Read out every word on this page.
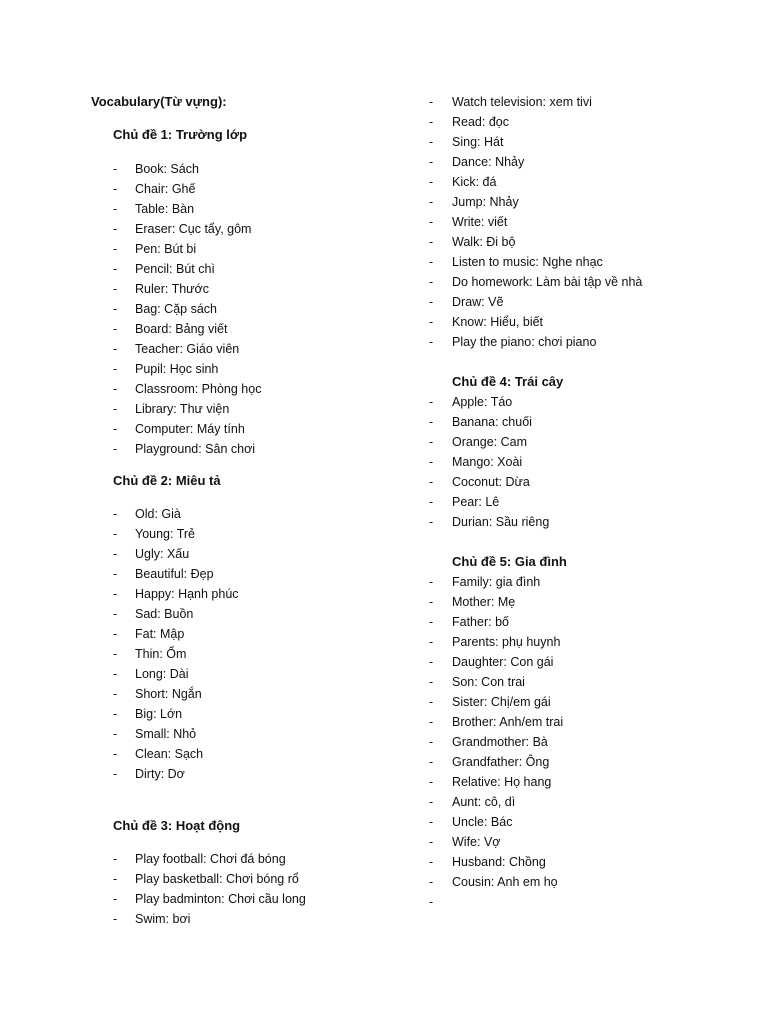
Vocabulary(Từ vựng):
Chủ đề 1: Trường lớp
- Book: Sách
- Chair: Ghế
- Table: Bàn
- Eraser: Cục tẩy, gôm
- Pen: Bút bi
- Pencil: Bút chì
- Ruler: Thước
- Bag: Cặp sách
- Board: Bảng viết
- Teacher: Giáo viên
- Pupil: Học sinh
- Classroom: Phòng học
- Library: Thư viện
- Computer: Máy tính
- Playground: Sân chơi
Chủ đề 2: Miêu tả
- Old: Già
- Young: Trẻ
- Ugly: Xấu
- Beautiful: Đẹp
- Happy: Hạnh phúc
- Sad: Buồn
- Fat: Mập
- Thin: Ốm
- Long: Dài
- Short: Ngắn
- Big: Lớn
- Small: Nhỏ
- Clean: Sạch
- Dirty: Dơ
Chủ đề 3: Hoạt động
- Play football: Chơi đá bóng
- Play basketball: Chơi bóng rổ
- Play badminton: Chơi cầu long
- Swim: bơi
- Watch television: xem tivi
- Read: đọc
- Sing: Hát
- Dance: Nhảy
- Kick: đá
- Jump: Nhảy
- Write: viết
- Walk: Đi bộ
- Listen to music: Nghe nhạc
- Do homework: Làm bài tập về nhà
- Draw: Vẽ
- Know: Hiểu, biết
- Play the piano: chơi piano
Chủ đề 4: Trái cây
- Apple: Táo
- Banana: chuối
- Orange: Cam
- Mango: Xoài
- Coconut: Dừa
- Pear: Lê
- Durian: Sầu riêng
Chủ đề 5: Gia đình
- Family: gia đình
- Mother: Mẹ
- Father: bố
- Parents: phụ huynh
- Daughter: Con gái
- Son: Con trai
- Sister: Chị/em gái
- Brother: Anh/em trai
- Grandmother: Bà
- Grandfather: Ông
- Relative: Họ hang
- Aunt: cô, dì
- Uncle: Bác
- Wife: Vợ
- Husband: Chồng
- Cousin: Anh em họ
-
